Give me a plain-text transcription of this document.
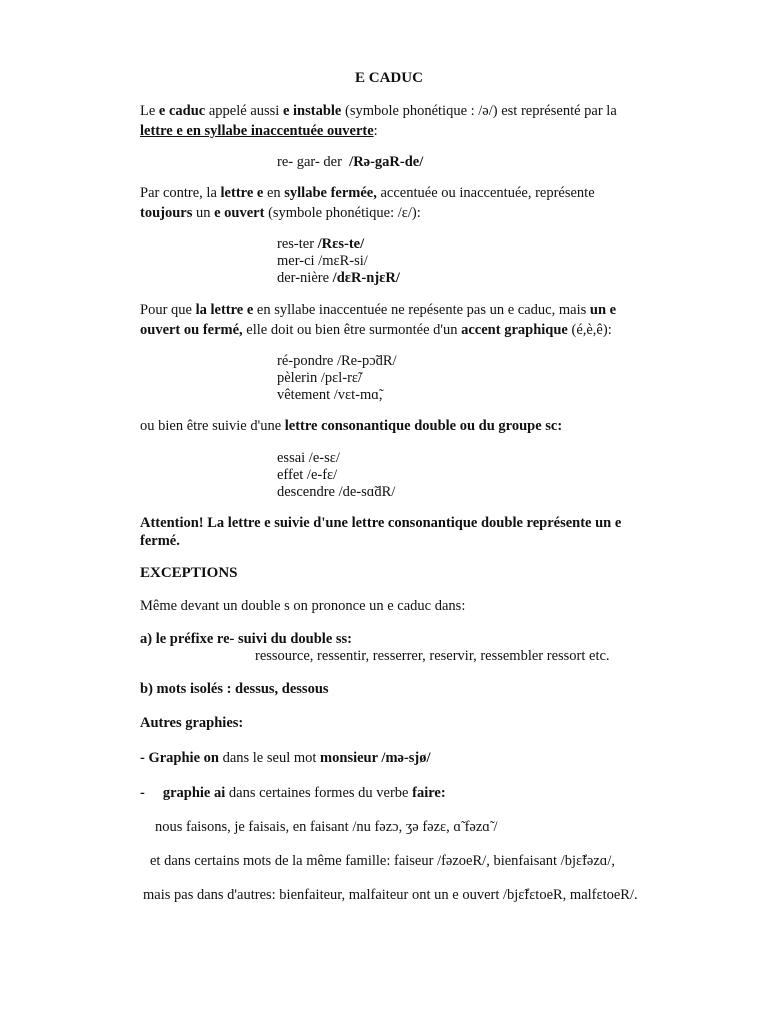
E CADUC
Le e caduc appelé aussi e instable (symbole phonétique : /ə/) est représenté par la
lettre e en syllabe inaccentuée ouverte:
re- gar- der /Rə-gaR-de/
Par contre, la lettre e en syllabe fermée, accentuée ou inaccentuée, représente
toujours un e ouvert (symbole phonétique: /ɛ/):
res-ter /Rɛs-te/
mer-ci /mɛR-si/
der-nière /dɛR-njɛR/
Pour que la lettre e en syllabe inaccentuée ne repésente pas un e caduc, mais un e
ouvert ou fermé, elle doit ou bien être surmontée d'un accent graphique (é,è,ê):
ré-pondre /Re-pɔ̃dR/
pèlerin /pɛl-rɛ̃/
vêtement /vɛt-mɑ̃,
ou bien être suivie d'une lettre consonantique double ou du groupe sc:
essai /e-sɛ/
effet /e-fɛ/
descendre /de-sɑ̃dR/
Attention! La lettre e suivie d'une lettre consonantique double représente un e
fermé.
EXCEPTIONS
Même devant un double s on prononce un e caduc dans:
a) le préfixe re- suivi du double ss:
ressource, ressentir, resserrer, reservir, ressembler ressort etc.
b) mots isolés : dessus, dessous
Autres graphies:
- Graphie on dans le seul mot monsieur /mə-sjø/
- graphie ai dans certaines formes du verbe faire:
nous faisons, je faisais, en faisant /nu fəzɔ, ʒə fəzɛ, ɑ̃ fəzɑ̃ /
et dans certains mots de la même famille: faiseur /fəzoeR/, bienfaisant /bjɛ̃fəzɑ/,
mais pas dans d'autres: bienfaiteur, malfaiteur ont un e ouvert /bjɛ̃fɛtoeR, malfɛtoeR/.
